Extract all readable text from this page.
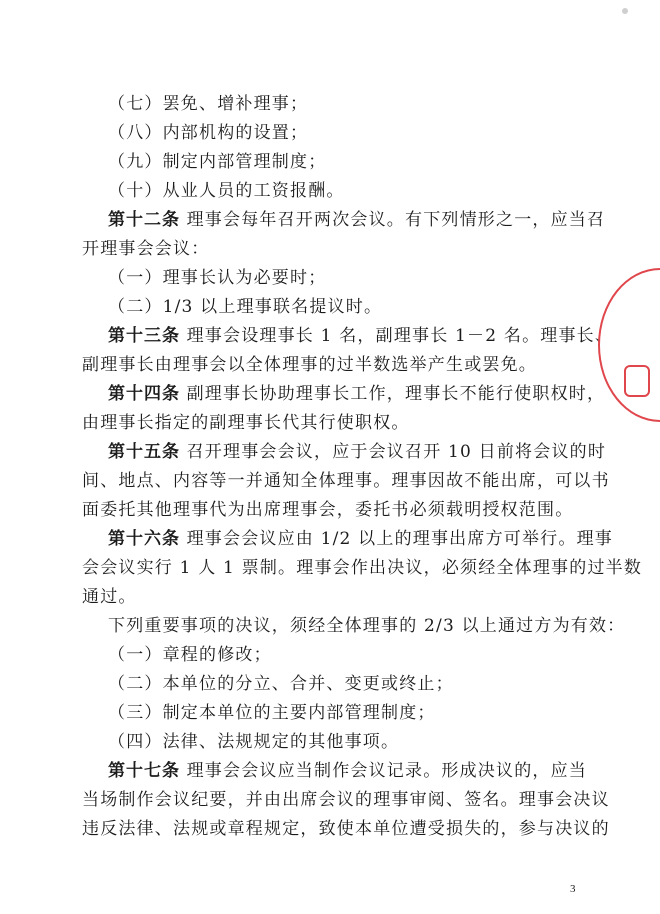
（七）罢免、增补理事；
（八）内部机构的设置；
（九）制定内部管理制度；
（十）从业人员的工资报酬。
第十二条 理事会每年召开两次会议。有下列情形之一，应当召
开理事会会议：
（一）理事长认为必要时；
（二）1/3 以上理事联名提议时。
第十三条 理事会设理事长 1 名，副理事长 1－2 名。理事长、
副理事长由理事会以全体理事的过半数选举产生或罢免。
第十四条 副理事长协助理事长工作，理事长不能行使职权时，
由理事长指定的副理事长代其行使职权。
第十五条 召开理事会会议，应于会议召开 10 日前将会议的时
间、地点、内容等一并通知全体理事。理事因故不能出席，可以书
面委托其他理事代为出席理事会，委托书必须载明授权范围。
第十六条 理事会会议应由 1/2 以上的理事出席方可举行。理事
会会议实行 1 人 1 票制。理事会作出决议，必须经全体理事的过半数
通过。
下列重要事项的决议，须经全体理事的 2/3 以上通过方为有效：
（一）章程的修改；
（二）本单位的分立、合并、变更或终止；
（三）制定本单位的主要内部管理制度；
（四）法律、法规规定的其他事项。
第十七条 理事会会议应当制作会议记录。形成决议的，应当
当场制作会议纪要，并由出席会议的理事审阅、签名。理事会决议
违反法律、法规或章程规定，致使本单位遭受损失的，参与决议的
3
